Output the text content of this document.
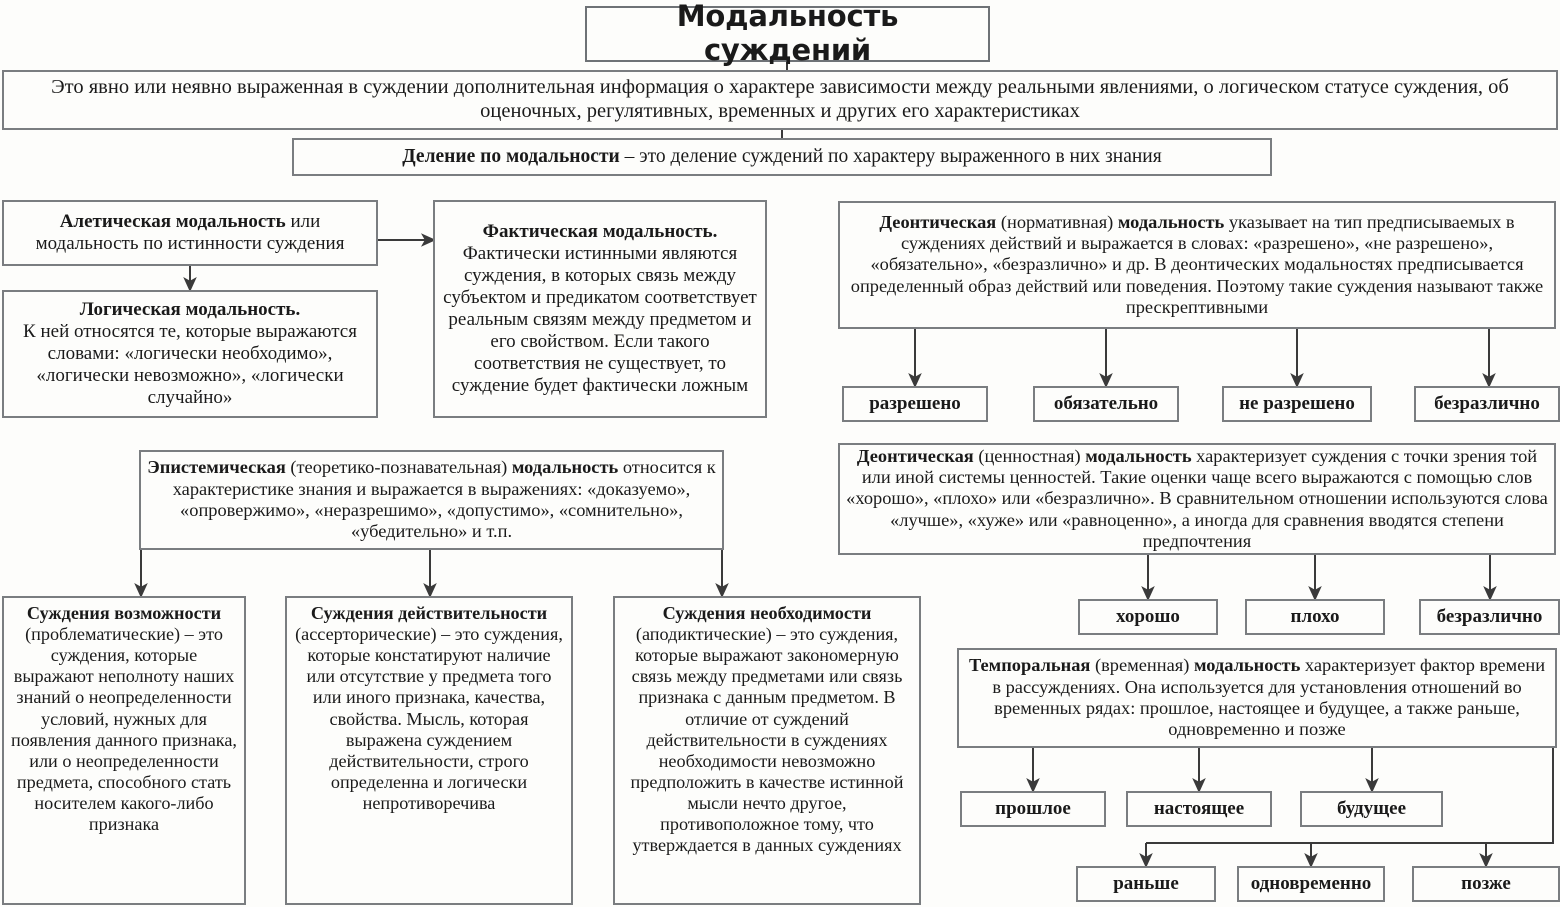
Модальность суждений
Это явно или неявно выраженная в суждении дополнительная информация о характере зависимости между реальными явлениями, о логическом статусе суждения, об оценочных, регулятивных, временных и других его характеристиках
Деление по модальности – это деление суждений по характеру выраженного в них знания
Алетическая модальность или модальность по истинности суждения
Логическая модальность.
К ней относятся те, которые выражаются словами: «логически необходимо», «логически невозможно», «логически случайно»
Фактическая модальность.
Фактически истинными являются суждения, в которых связь между субъектом и предикатом соответствует реальным связям между предметом и его свойством. Если такого соответствия не существует, то суждение будет фактически ложным
Деонтическая (нормативная) модальность указывает на тип предписываемых в суждениях действий и выражается в словах: «разрешено», «не разрешено», «обязательно», «безразлично» и др. В деонтических модальностях предписывается определенный образ действий или поведения. Поэтому такие суждения называют также прескрептивными
разрешено	обязательно	не разрешено	безразлично
Эпистемическая (теоретико-познавательная) модальность относится к характеристике знания и выражается в выражениях: «доказуемо», «опровержимо», «неразрешимо», «допустимо», «сомнительно», «убедительно» и т.п.
Деонтическая (ценностная) модальность характеризует суждения с точки зрения той или иной системы ценностей. Такие оценки чаще всего выражаются с помощью слов «хорошо», «плохо» или «безразлично». В сравнительном отношении используются слова «лучше», «хуже» или «равноценно», а иногда для сравнения вводятся степени предпочтения
хорошо	плохо	безразлично
Темпоральная (временная) модальность характеризует фактор времени в рассуждениях. Она используется для установления отношений во временных рядах: прошлое, настоящее и будущее, а также раньше, одновременно и позже
прошлое	настоящее	будущее
раньше	одновременно	позже
Суждения возможности
(проблематические) – это суждения, которые выражают неполноту наших знаний о неопределенности условий, нужных для появления данного признака, или о неопределенности предмета, способного стать носителем какого-либо признака
Суждения действительности
(ассерторические) – это суждения, которые констатируют наличие или отсутствие у предмета того или иного признака, качества, свойства. Мысль, которая выражена суждением действительности, строго определенна и логически непротиворечива
Суждения необходимости
(аподиктические) – это суждения, которые выражают закономерную связь между предметами или связь признака с данным предметом. В отличие от суждений действительности в суждениях необходимости невозможно предположить в качестве истинной мысли нечто другое, противоположное тому, что утверждается в данных суждениях
